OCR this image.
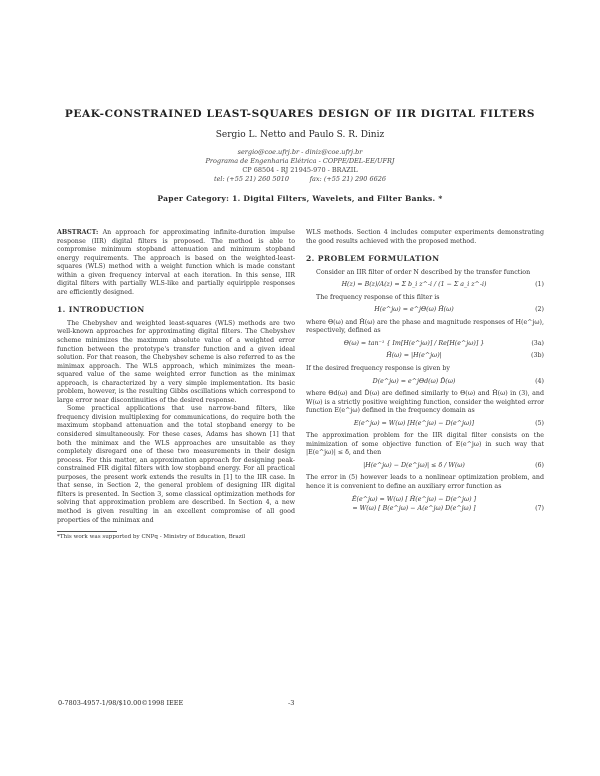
PEAK-CONSTRAINED LEAST-SQUARES DESIGN OF IIR DIGITAL FILTERS
Sergio L. Netto and Paulo S. R. Diniz
sergio@coe.ufrj.br - diniz@coe.ufrj.br
Programa de Engenharia Elétrica - COPPE/DEL-EE/UFRJ
CP 68504 - RJ 21945-970 - BRAZIL
tel: (+55 21) 260 5010          fax: (+55 21) 290 6626
Paper Category: 1. Digital Filters, Wavelets, and Filter Banks. *

ABSTRACT: An approach for approximating infinite-duration impulse response (IIR) digital filters is proposed. The method is able to compromise minimum stopband attenuation and minimum stopband energy requirements. The approach is based on the weighted-least-squares (WLS) method with a weight function which is made constant within a given frequency interval at each iteration. In this sense, IIR digital filters with partially WLS-like and partially equiripple responses are efficiently designed.

1. INTRODUCTION

The Chebyshev and weighted least-squares (WLS) methods are two well-known approaches for approximating digital filters. The Chebyshev scheme minimizes the maximum absolute value of a weighted error function between the prototype's transfer function and a given ideal solution. For that reason, the Chebyshev scheme is also referred to as the minimax approach. The WLS approach, which minimizes the mean-squared value of the same weighted error function as the minimax approach, is characterized by a very simple implementation. Its basic problem, however, is the resulting Gibbs oscillations which correspond to large error near discontinuities of the desired response.

Some practical applications that use narrow-band filters, like frequency division multiplexing for communications, do require both the maximum stopband attenuation and the total stopband energy to be considered simultaneously. For these cases, Adams has shown [1] that both the minimax and the WLS approaches are unsuitable as they completely disregard one of these two measurements in their design process. For this matter, an approximation approach for designing peak-constrained FIR digital filters with low stopband energy. For all practical purposes, the present work extends the results in [1] to the IIR case. In that sense, in Section 2, the general problem of designing IIR digital filters is presented. In Section 3, some classical optimization methods for solving that approximation problem are described. In Section 4, a new method is given resulting in an excellent compromise of all good properties of the minimax and

*This work was supported by CNPq - Ministry of Education, Brazil

WLS methods. Section 4 includes computer experiments demonstrating the good results achieved with the proposed method.

2. PROBLEM FORMULATION

Consider an IIR filter of order N described by the transfer function

H(z) = B(z)/A(z) = Σ b_i z^-i / (1 − Σ a_i z^-i)	(1)

The frequency response of this filter is

H(e^jω) = e^jΘ(ω) H̄(ω)	(2)

where Θ(ω) and H̄(ω) are the phase and magnitude responses of H(e^jω), respectively, defined as

Θ(ω) = tan⁻¹ { Im[H(e^jω)] / Re[H(e^jω)] }	(3a)
H̄(ω) = |H(e^jω)|	(3b)

If the desired frequency response is given by

D(e^jω) = e^jΘd(ω) D̄(ω)	(4)

where Θd(ω) and D̄(ω) are defined similarly to Θ(ω) and H̄(ω) in (3), and W(ω) is a strictly positive weighting function, consider the weighted error function E(e^jω) defined in the frequency domain as

E(e^jω) = W(ω) [H(e^jω) − D(e^jω)]	(5)

The approximation problem for the IIR digital filter consists on the minimization of some objective function of E(e^jω) in such way that |E(e^jω)| ≤ δ, and then

|H(e^jω) − D(e^jω)| ≤ δ / W(ω)	(6)

The error in (5) however leads to a nonlinear optimization problem, and hence it is convenient to define an auxiliary error function as

Ê(e^jω) = W(ω) [ Ĥ(e^jω) − D(e^jω) ]
= W(ω) [ B(e^jω) − A(e^jω) D(e^jω) ]	(7)
0-7803-4957-1/98/$10.00©1998 IEEE	-3
